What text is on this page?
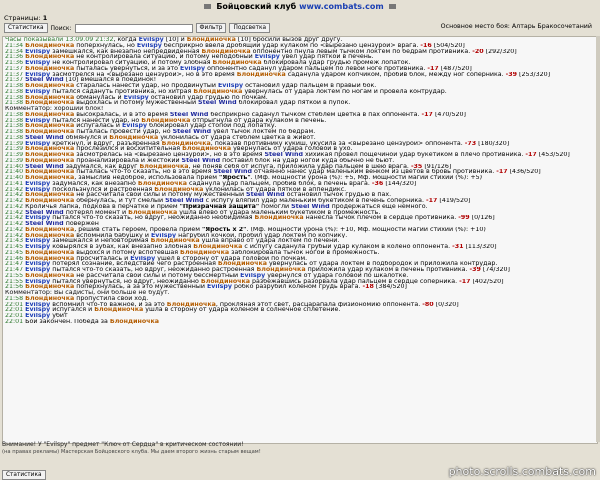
Бойцовский клуб www.combats.com
Страницы: 1
Статистика	Поиск:	Фильтр	Подсветка	Основное место боя: Алтарь Бракосочетаний
Часы показывали 13.09.09 21:32, когда Evilspy [10] и Блондиночка [10] бросили вызов друг другу.
21:34 Блондиночка поперхнулась, но Evilspy бесприкрно ввела дробящий удар кулаком по <вырезано цензурой> врага. -16 [504/520]
21:34 Evilspy замешкался, как внезапно непредвиденная Блондиночка оппонентно пнула левым тычком локтем по бедрам противника. -20 [292/320]
21:36 Блондиночка не контролировала ситуацию, и потому неподобный Evilspy увел удар пяткой в печень.
21:36 Evilspy не контролировал ситуацию, и потому злобная Блондиночка блокировала удар грудью промеж лопаток.
21:37 Блондиночка пыталась увернуться, и за это Evilspy оппонентно саданул ударом пальцем по левой ноге противника. -17 [487/520]
21:37 Evilspy засмотрелся на <вырезано цензурой>, но в это время Блондиночка саданула ударом копчиком, пробив блок, между ног соперника. -39 [253/320]
21:37 Steel Wind [10] вмешался в поединок!
21:38 Блондиночка старалась нанести удар, но продвинутый Evilspy остановил удар пальцем в правый бок.
21:38 Evilspy пытался садануть противника, но хитрая Блондиночка увернулась от удара локтем по ногам и провела контрудар.
21:38 Блондиночка обманулась и Evilspy остановил удар грудью по почкам.
21:38 Блондиночка выдохлась и потому мужественный Steel Wind блокировал удар пяткой в пупок.
Комментатор: хороший блок!
21:38 Блондиночка высокралась, и в это время Steel Wind бесприкрно саданул тычком стеблем цветка в пах оппонента. -17 [470/520]
21:38 Evilspy пытался нанести удар, но Блондиночка отпрыгнула от удара кулаком в печень.
21:38 Блондиночка испугалась и Evilspy блокировал удар стопой под лопатку.
21:38 Блондиночка пыталась провести удар, но Steel Wind увел тычок локтем по бедрам.
21:38 Steel Wind обмянулся и Блондиночка уклонилась от удара стеблем цветка в живот.
21:39 Evilspy креткнул, и вдруг, разъяренная Блондиночка, показав противнику кукиш, укусила за <вырезано цензурой> оппонента. -73 [180/320]
21:39 Блондиночка прослезился и восхитительная Блондиночка увернулась от удара головой в ухо.
21:39 Блондиночка засмотрелась на <вырезано цензурой>, но в это время Steel Wind хихикая провел пощечиной удар букетиком в плечо противника. -17 [453/520]
21:39 Блондиночка проанализировала и жестокий Steel Wind поставил блок на удар ногой куда обычно не бьют.
21:40 Steel Wind задумался, как вдруг Блондиночка, не поняв себя от испуга, приложила удар пальцем в шею врага. -35 [91/126]
21:40 Блондиночка пыталась что-то сказать, но в это время Steel Wind отчаянно нанес удар маленьким венком из цветов в бровь противника. -17 [436/520]
21:40 Блондиночка, замыслив недоброе, использовала прием "Ярость". (Мф. мощности урона (%): +5, Мф. мощности магии стихий (%): +5)
21:41 Evilspy задумался, как внезапно Блондиночка саданула удар пальцем, пробив блок, в печень врага. -36 [144/320]
21:42 Evilspy поскользнулся и растроенная Блондиночка уклонилась от удара пяткой в аппендикс.
21:42 Блондиночка не рассчитала свои силы и потому мужественный Steel Wind остановил тычок грудью в пах.
21:42 Блондиночка обернулась, и тут смелый Steel Wind с испугу вляпил удар маленьким букетиком в печень соперника. -17 [419/520]
21:42 Кроличья лапка, подкова в перчатке и прием "Призрачная защита" помогли Steel Wind продержаться ещё немного.
21:42 Steel Wind потерял момент и Блондиночка ушла влево от удара маленьким букетиком в промежность.
21:42 Evilspy пытался что-то сказать, но вдруг, неожиданно необидимая Блондиночка нанесла тычок плечом в сердце противника. -99 [0/126]
21:42 Steel Wind повержен
21:42 Блондиночка, решив стать героем, провела прием "Ярость x 2". (Мф. мощности урона (%): +10, Мф. мощности магии стихий (%): +10)
21:42 Блондиночка вспомнила бабушку и Evilspy нагрубил кочкой, пробил удар локтем по копчику.
21:43 Evilspy замешкался и неповторимая Блондиночка ушла вправо от удара локтем по печени.
21:45 Evilspy ковырялся в зубах, как внезапно злобная Блондиночка с испугу саданула грубый удар кулаком в колено оппонента. -31 [113/320]
21:45 Блондиночка выдохся и потому вспотевшая Блондиночка заблокировала тычок ногой в промежность.
21:46 Блондиночка просчиталась и Evilspy ушел в сторону от удара головой по почкам.
21:47 Evilspy потерял сознание, вследствие чего растроенная Блондиночка увернулась от удара локтем в подбородок и приложила контрудар.
21:47 Evilspy пытался что-то сказать, но вдруг, неожиданно растроенная Блондиночка приложила удар кулаком в печень противника. -39 [74/320]
21:55 Блондиночка не рассчитала свои силы и потому бессмертный Evilspy увернулся от удара головой по шкалотке.
21:55 Evilspy пытался увернуться, но вдруг, неожиданно Блондиночка разбежавшись разорвала удар пальцем в сердце соперника. -17 [402/520]
21:56 Блондиночка поперхнулась, а за это мужественный Evilspy робко разрубил коленом грудь врага. -18 [384/520]
Комментатор: Вы садисты, они больше не будут.
21:58 Блондиночка пропустила свой ход.
22:01 Evilspy вспомнил что-то важное, и за это Блондиночка, прокляная этот свет, расцарапала физиономию оппонента. -80 [0/320]
22:01 Evilspy испугался и Блондиночка ушла в сторону от удара коленом в солнечное сплетение.
22:01 Evilspy убит
22:01 Бой закончен. Победа за Блондиночка
Внимание! У "Evilspy" предмет "Ключ от Сердца" в критическом состоянии!
(на правах рекламы) Мастерская Бойцовского клуба. Мы даем второго жизнь старым вещам!
Статистика	photo.scrolls.combats.com
